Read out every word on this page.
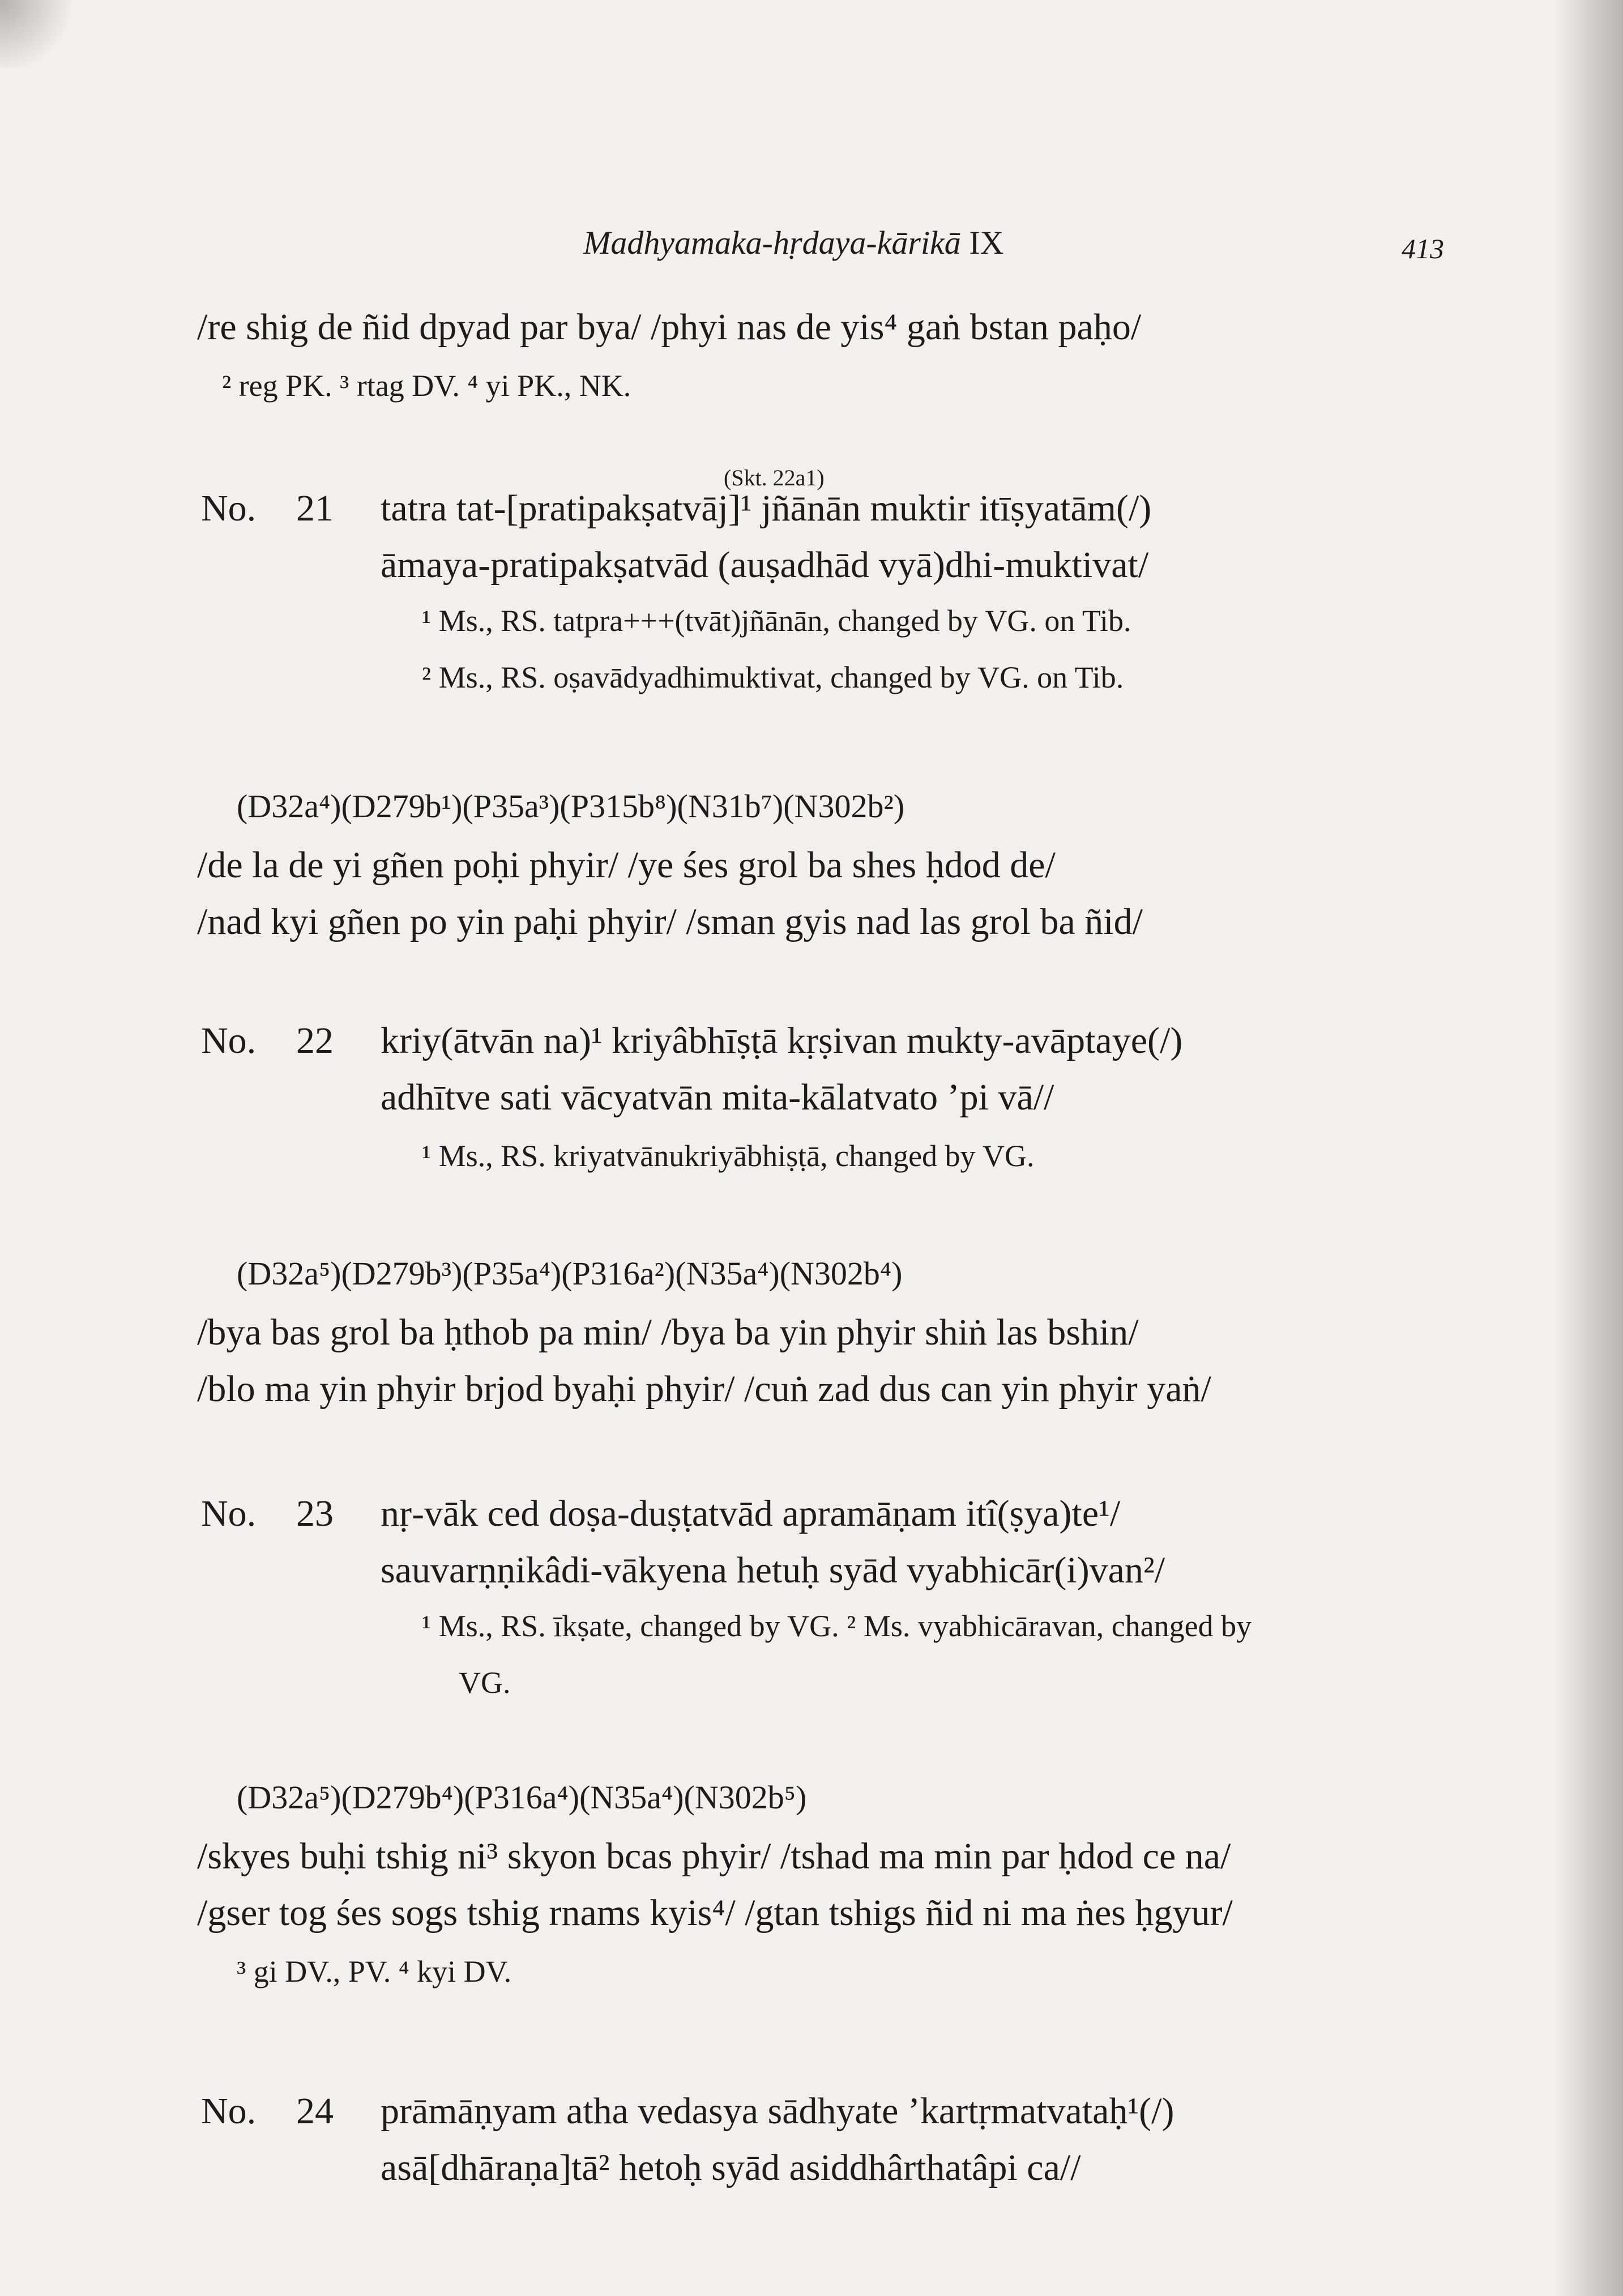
Madhyamaka-hṛdaya-kārikā IX	413
/re shig de ñid dpyad par bya/ /phyi nas de yis⁴ gaṅ bstan paḥo/
² reg PK. ³ rtag DV. ⁴ yi PK., NK.
(Skt. 22a1)
No. 21 tatra tat-[pratipakṣatvāj]¹ jñānān muktir itīṣyatām(/)
āmaya-pratipakṣatvād (auṣadhād vyā)dhi-muktivat/
¹ Ms., RS. tatpra+++(tvāt)jñānān, changed by VG. on Tib.
² Ms., RS. oṣavādyadhimuktivat, changed by VG. on Tib.
(D32a⁴)(D279b¹)(P35a³)(P315b⁸)(N31b⁷)(N302b²)
/de la de yi gñen poḥi phyir/ /ye śes grol ba shes ḥdod de/
/nad kyi gñen po yin paḥi phyir/ /sman gyis nad las grol ba ñid/
No. 22 kriy(ātvān na)¹ kriyâbhīṣṭā kṛṣivan mukty-avāptaye(/)
adhītve sati vācyatvān mita-kālatvato ’pi vā//
¹ Ms., RS. kriyatvānukriyābhiṣṭā, changed by VG.
(D32a⁵)(D279b³)(P35a⁴)(P316a²)(N35a⁴)(N302b⁴)
/bya bas grol ba ḥthob pa min/ /bya ba yin phyir shiṅ las bshin/
/blo ma yin phyir brjod byaḥi phyir/ /cuṅ zad dus can yin phyir yaṅ/
No. 23 nṛ-vāk ced doṣa-duṣṭatvād apramāṇam itî(ṣya)te¹/
sauvarṇṇikâdi-vākyena hetuḥ syād vyabhicār(i)van²/
¹ Ms., RS. īkṣate, changed by VG. ² Ms. vyabhicāravan, changed by
VG.
(D32a⁵)(D279b⁴)(P316a⁴)(N35a⁴)(N302b⁵)
/skyes buḥi tshig ni³ skyon bcas phyir/ /tshad ma min par ḥdod ce na/
/gser tog śes sogs tshig rnams kyis⁴/ /gtan tshigs ñid ni ma ṅes ḥgyur/
³ gi DV., PV. ⁴ kyi DV.
No. 24 prāmāṇyam atha vedasya sādhyate ’kartṛmatvataḥ¹(/)
asā[dhāraṇa]tā² hetoḥ syād asiddhârthatâpi ca//
